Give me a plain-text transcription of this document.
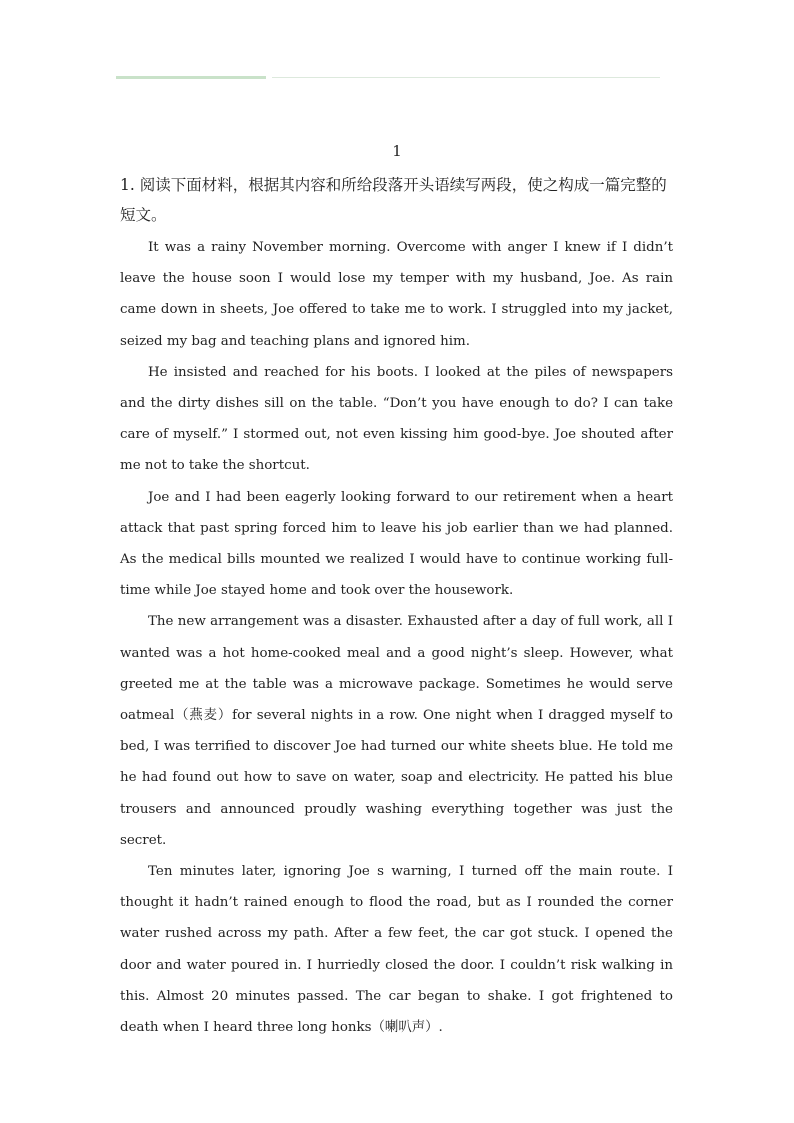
1

1. 阅读下面材料，根据其内容和所给段落开头语续写两段，使之构成一篇完整的短文。

It was a rainy November morning. Overcome with anger I knew if I didn’t leave the house soon I would lose my temper with my husband, Joe. As rain came down in sheets, Joe offered to take me to work. I struggled into my jacket, seized my bag and teaching plans and ignored him.

He insisted and reached for his boots. I looked at the piles of newspapers and the dirty dishes sill on the table. “Don’t you have enough to do? I can take care of myself.” I stormed out, not even kissing him good-bye. Joe shouted after me not to take the shortcut.

Joe and I had been eagerly looking forward to our retirement when a heart attack that past spring forced him to leave his job earlier than we had planned. As the medical bills mounted we realized I would have to continue working full-time while Joe stayed home and took over the housework.

The new arrangement was a disaster. Exhausted after a day of full work, all I wanted was a hot home-cooked meal and a good night’s sleep. However, what greeted me at the table was a microwave package. Sometimes he would serve oatmeal（燕麦）for several nights in a row. One night when I dragged myself to bed, I was terrified to discover Joe had turned our white sheets blue. He told me he had found out how to save on water, soap and electricity. He patted his blue trousers and announced proudly washing everything together was just the secret.

Ten minutes later, ignoring Joe s warning, I turned off the main route. I thought it hadn’t rained enough to flood the road, but as I rounded the corner water rushed across my path. After a few feet, the car got stuck. I opened the door and water poured in. I hurriedly closed the door. I couldn’t risk walking in this. Almost 20 minutes passed. The car began to shake. I got frightened to death when I heard three long honks（喇叭声）.
